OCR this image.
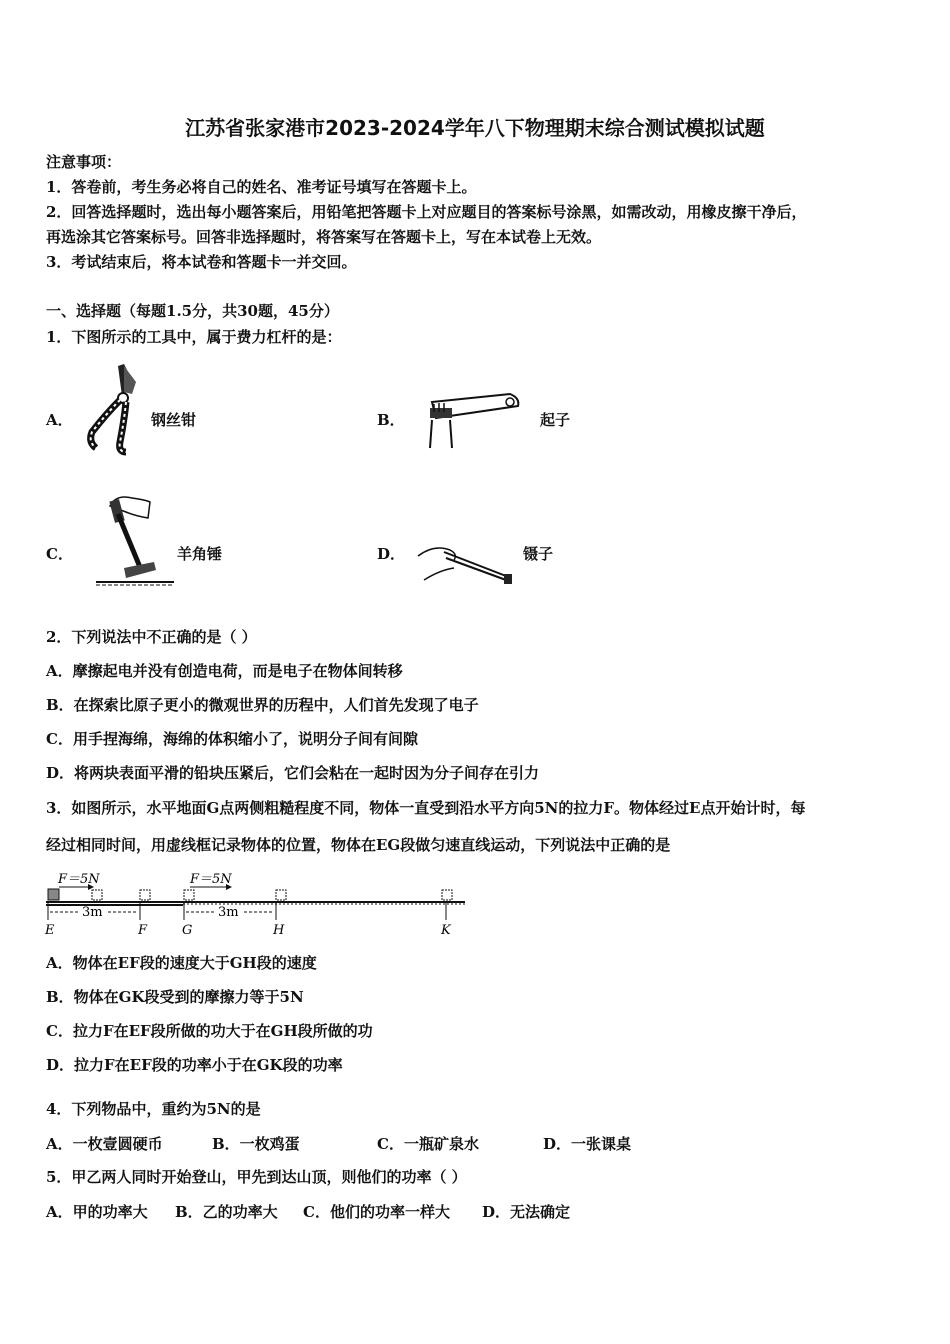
江苏省张家港市2023-2024学年八下物理期末综合测试模拟试题
注意事项：
1．答卷前，考生务必将自己的姓名、准考证号填写在答题卡上。
2．回答选择题时，选出每小题答案后，用铅笔把答题卡上对应题目的答案标号涂黑，如需改动，用橡皮擦干净后，
再选涂其它答案标号。回答非选择题时，将答案写在答题卡上，写在本试卷上无效。
3．考试结束后，将本试卷和答题卡一并交回。
一、选择题（每题1.5分，共30题，45分）
1．下图所示的工具中，属于费力杠杆的是：
A．	钢丝钳	B．	起子
C．	羊角锤	D．	镊子
2．下列说法中不正确的是（ ）
A．摩擦起电并没有创造电荷，而是电子在物体间转移
B．在探索比原子更小的微观世界的历程中，人们首先发现了电子
C．用手捏海绵，海绵的体积缩小了，说明分子间有间隙
D．将两块表面平滑的铅块压紧后，它们会粘在一起时因为分子间存在引力
3．如图所示，水平地面G点两侧粗糙程度不同，物体一直受到沿水平方向5N的拉力F。物体经过E点开始计时，每
经过相同时间，用虚线框记录物体的位置，物体在EG段做匀速直线运动，下列说法中正确的是
F＝5N	F＝5N
3m	3m
E	F	G	H	K
A．物体在EF段的速度大于GH段的速度
B．物体在GK段受到的摩擦力等于5N
C．拉力F在EF段所做的功大于在GH段所做的功
D．拉力F在EF段的功率小于在GK段的功率
4．下列物品中，重约为5N的是
A．一枚壹圆硬币	B．一枚鸡蛋	C．一瓶矿泉水	D．一张课桌
5．甲乙两人同时开始登山，甲先到达山顶，则他们的功率（ ）
A．甲的功率大 B．乙的功率大 C．他们的功率一样大 D．无法确定
